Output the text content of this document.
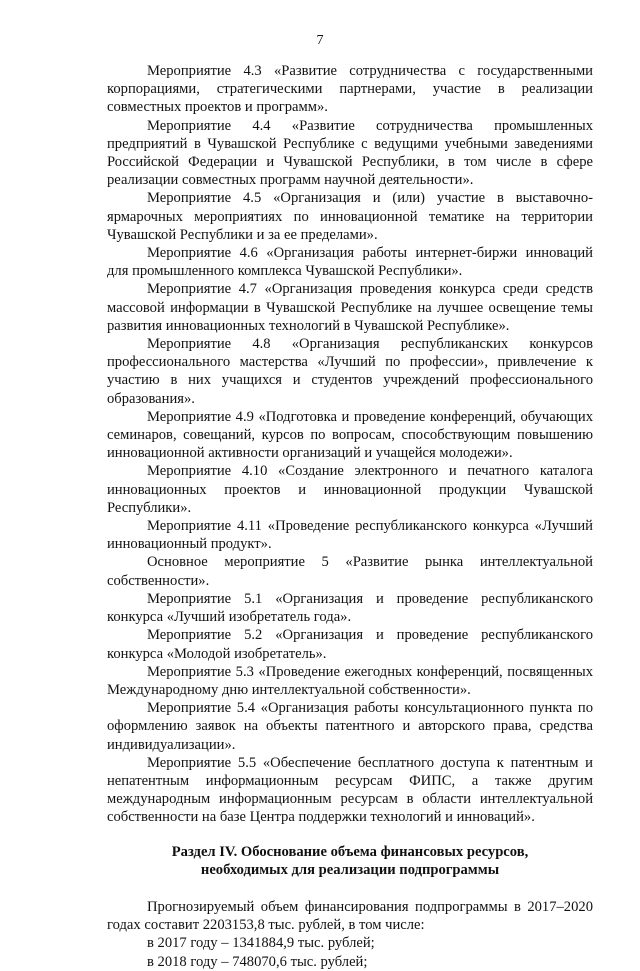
7

Мероприятие 4.3 «Развитие сотрудничества с государственными корпорациями, стратегическими партнерами, участие в реализации совместных проектов и программ».

Мероприятие 4.4 «Развитие сотрудничества промышленных предприятий в Чувашской Республике с ведущими учебными заведениями Российской Федерации и Чувашской Республики, в том числе в сфере реализации совместных программ научной деятельности».

Мероприятие 4.5 «Организация и (или) участие в выставочно-ярмарочных мероприятиях по инновационной тематике на территории Чувашской Республики и за ее пределами».

Мероприятие 4.6 «Организация работы интернет-биржи инноваций для промышленного комплекса Чувашской Республики».

Мероприятие 4.7 «Организация проведения конкурса среди средств массовой информации в Чувашской Республике на лучшее освещение темы развития инновационных технологий в Чувашской Республике».

Мероприятие 4.8 «Организация республиканских конкурсов профессионального мастерства «Лучший по профессии», привлечение к участию в них учащихся и студентов учреждений профессионального образования».

Мероприятие 4.9 «Подготовка и проведение конференций, обучающих семинаров, совещаний, курсов по вопросам, способствующим повышению инновационной активности организаций и учащейся молодежи».

Мероприятие 4.10 «Создание электронного и печатного каталога инновационных проектов и инновационной продукции Чувашской Республики».

Мероприятие 4.11 «Проведение республиканского конкурса «Лучший инновационный продукт».

Основное мероприятие 5 «Развитие рынка интеллектуальной собственности».

Мероприятие 5.1 «Организация и проведение республиканского конкурса «Лучший изобретатель года».

Мероприятие 5.2 «Организация и проведение республиканского конкурса «Молодой изобретатель».

Мероприятие 5.3 «Проведение ежегодных конференций, посвященных Международному дню интеллектуальной собственности».

Мероприятие 5.4 «Организация работы консультационного пункта по оформлению заявок на объекты патентного и авторского права, средства индивидуализации».

Мероприятие 5.5 «Обеспечение бесплатного доступа к патентным и непатентным информационным ресурсам ФИПС, а также другим международным информационным ресурсам в области интеллектуальной собственности на базе Центра поддержки технологий и инноваций».

Раздел IV. Обоснование объема финансовых ресурсов,
необходимых для реализации подпрограммы

Прогнозируемый объем финансирования подпрограммы в 2017–2020 годах составит 2203153,8 тыс. рублей, в том числе:

в 2017 году – 1341884,9 тыс. рублей;

в 2018 году – 748070,6 тыс. рублей;
